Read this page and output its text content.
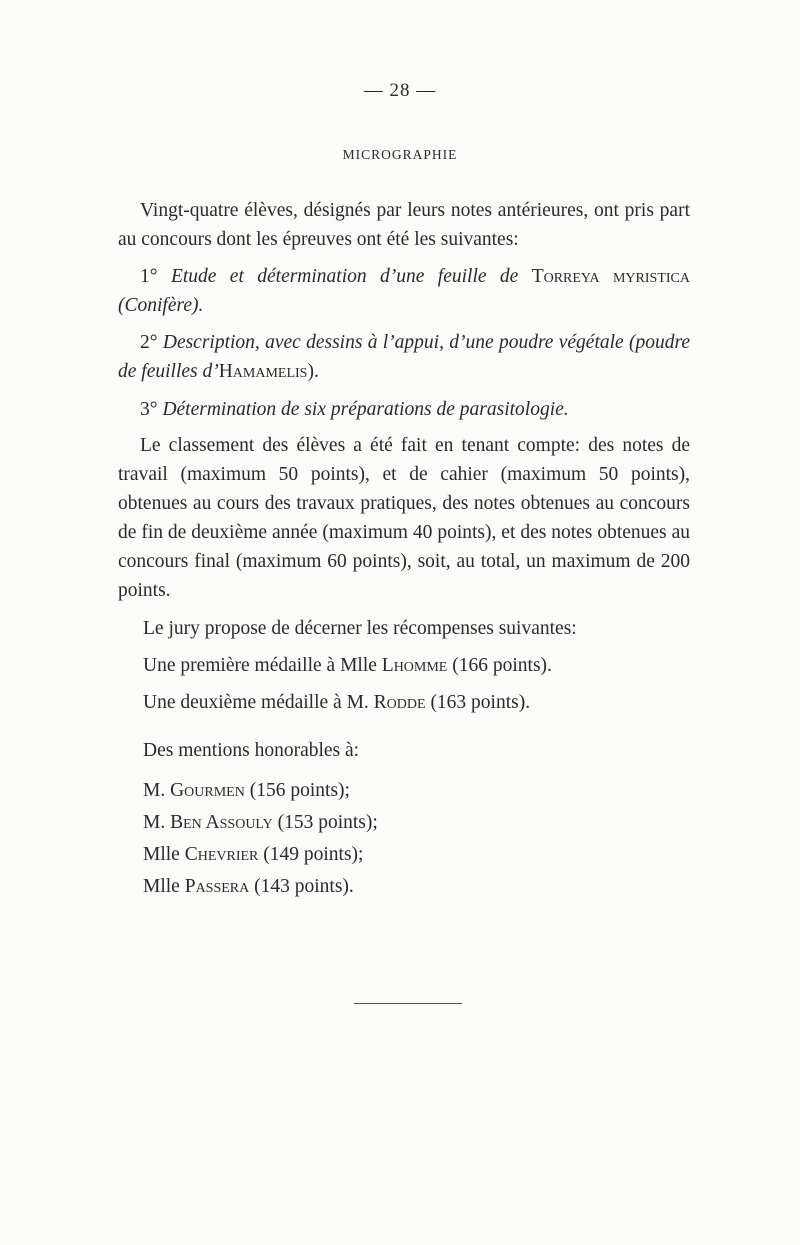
— 28 —
MICROGRAPHIE
Vingt-quatre élèves, désignés par leurs notes antérieures, ont pris part au concours dont les épreuves ont été les suivantes:
1° Etude et détermination d’une feuille de Torreya myristica (Conifère).
2° Description, avec dessins à l’appui, d’une poudre végétale (poudre de feuilles d’Hamamelis).
3° Détermination de six préparations de parasitologie.
Le classement des élèves a été fait en tenant compte: des notes de travail (maximum 50 points), et de cahier (maximum 50 points), obtenues au cours des travaux pratiques, des notes obtenues au concours de fin de deuxième année (maximum 40 points), et des notes obtenues au concours final (maximum 60 points), soit, au total, un maximum de 200 points.
Le jury propose de décerner les récompenses suivantes:
Une première médaille à Mlle Lhomme (166 points).
Une deuxième médaille à M. Rodde (163 points).
Des mentions honorables à:
M. Gourmen (156 points);
M. Ben Assouly (153 points);
Mlle Chevrier (149 points);
Mlle Passera (143 points).
